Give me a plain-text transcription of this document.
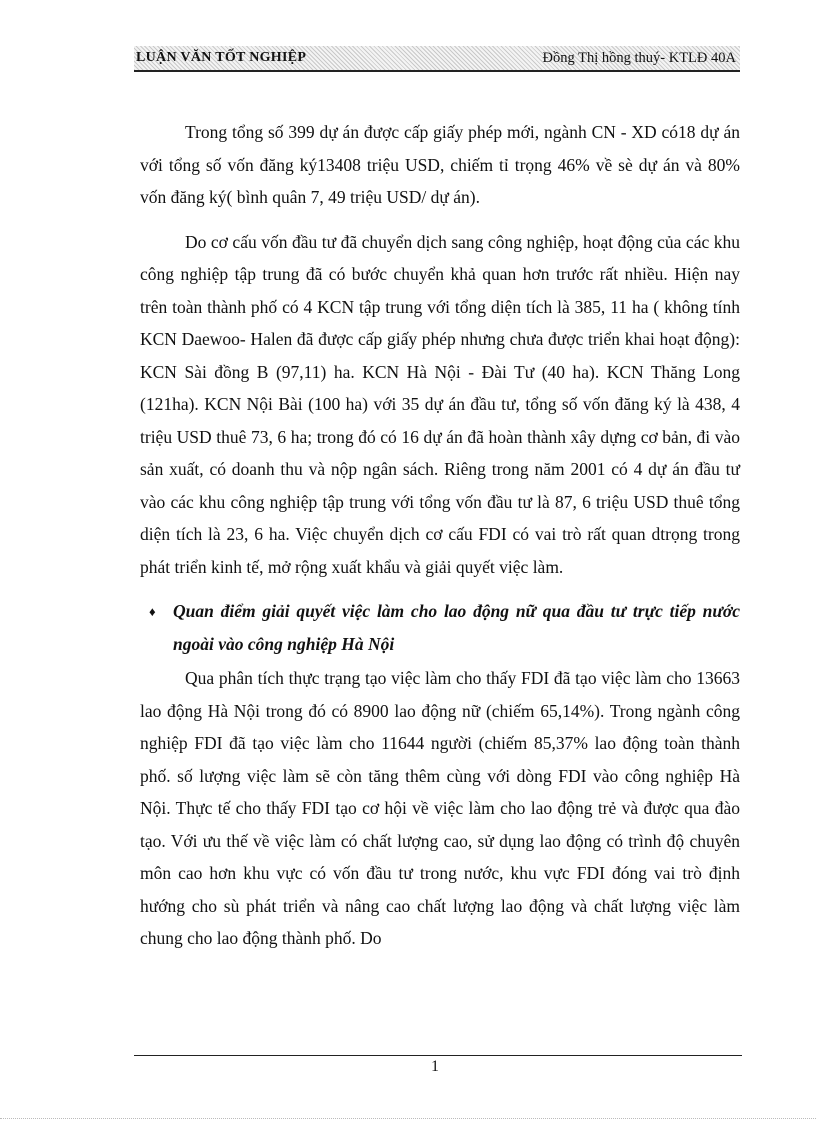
LUẬN VĂN TỐT NGHIỆP	Đồng Thị hồng thuý- KTLĐ 40A

Trong tổng số 399 dự án được cấp giấy phép mới, ngành CN - XD có18 dự án với tổng số vốn đăng ký13408 triệu USD, chiếm tỉ trọng 46% về sè dự án và 80% vốn đăng ký( bình quân 7, 49 triệu USD/ dự án).

Do cơ cấu vốn đầu tư đã chuyển dịch sang công nghiệp, hoạt động của các khu công nghiệp tập trung đã có bước chuyển khả quan hơn trước rất nhiều. Hiện nay trên toàn thành phố có 4 KCN tập trung với tổng diện tích là 385, 11 ha ( không tính KCN Daewoo- Halen đã được cấp giấy phép nhưng chưa được triển khai hoạt động): KCN Sài đồng B (97,11) ha. KCN Hà Nội - Đài Tư (40 ha). KCN Thăng Long (121ha). KCN Nội Bài (100 ha) với 35 dự án đầu tư, tổng số vốn đăng ký là 438, 4 triệu USD thuê 73, 6 ha; trong đó có 16 dự án đã hoàn thành xây dựng cơ bản, đi vào sản xuất, có doanh thu và nộp ngân sách. Riêng trong năm 2001 có 4 dự án đầu tư vào các khu công nghiệp tập trung với tổng vốn đầu tư là 87, 6 triệu USD thuê tổng diện tích là 23, 6 ha. Việc chuyển dịch cơ cấu FDI có vai trò rất quan dtrọng trong phát triển kinh tế, mở rộng xuất khẩu và giải quyết việc làm.

♦ Quan điểm giải quyết việc làm cho lao động nữ qua đầu tư trực tiếp nước ngoài vào công nghiệp Hà Nội

Qua phân tích thực trạng tạo việc làm cho thấy FDI đã tạo việc làm cho 13663 lao động Hà Nội trong đó có 8900 lao động nữ (chiếm 65,14%). Trong ngành công nghiệp FDI đã tạo việc làm cho 11644 người (chiếm 85,37% lao động toàn thành phố. số lượng việc làm sẽ còn tăng thêm cùng với dòng FDI vào công nghiệp Hà Nội. Thực tế cho thấy FDI tạo cơ hội về việc làm cho lao động trẻ và được qua đào tạo. Với ưu thế về việc làm có chất lượng cao, sử dụng lao động có trình độ chuyên môn cao hơn khu vực có vốn đầu tư trong nước, khu vực FDI đóng vai trò định hướng cho sù phát triển và nâng cao chất lượng lao động và chất lượng việc làm chung cho lao động thành phố. Do

1
